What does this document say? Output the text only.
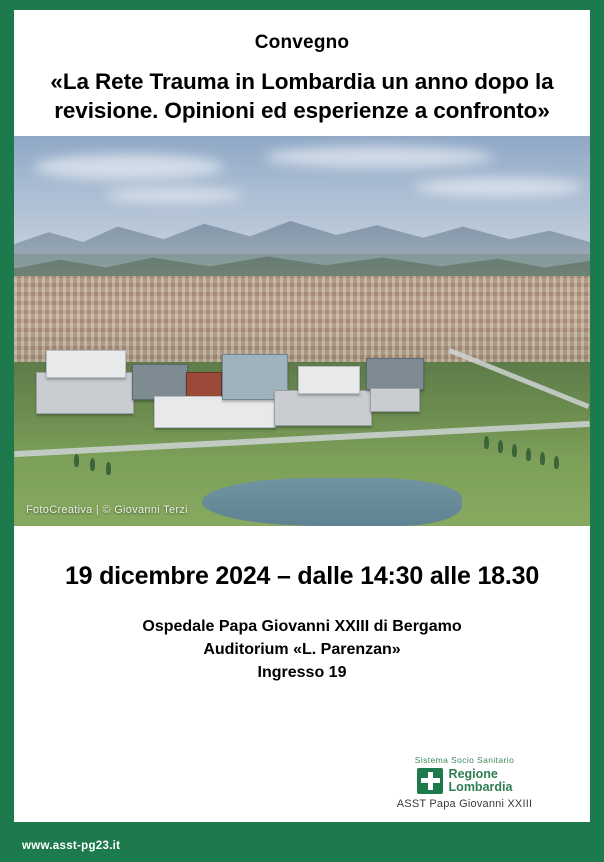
Convegno
«La Rete Trauma in Lombardia un anno dopo la revisione. Opinioni ed esperienze a confronto»
FotoCreativa | © Giovanni Terzi
19 dicembre 2024 – dalle 14:30 alle 18.30
Ospedale Papa Giovanni XXIII di Bergamo
Auditorium «L. Parenzan»
Ingresso 19
Sistema Socio Sanitario
Regione
Lombardia
ASST Papa Giovanni XXIII
www.asst-pg23.it
